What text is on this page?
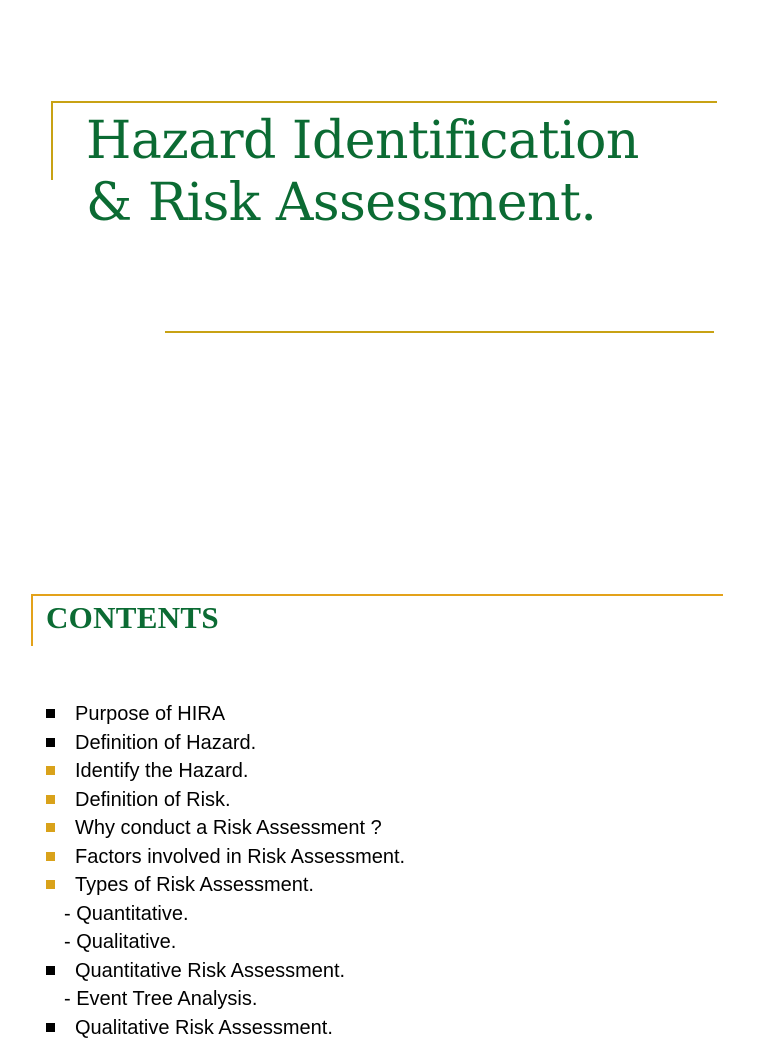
Hazard Identification
& Risk Assessment.
CONTENTS
Purpose of HIRA
Definition of Hazard.
Identify the Hazard.
Definition of Risk.
Why conduct a Risk Assessment ?
Factors involved in Risk Assessment.
Types of Risk Assessment.
- Quantitative.
- Qualitative.
Quantitative Risk Assessment.
- Event Tree Analysis.
Qualitative Risk Assessment.
